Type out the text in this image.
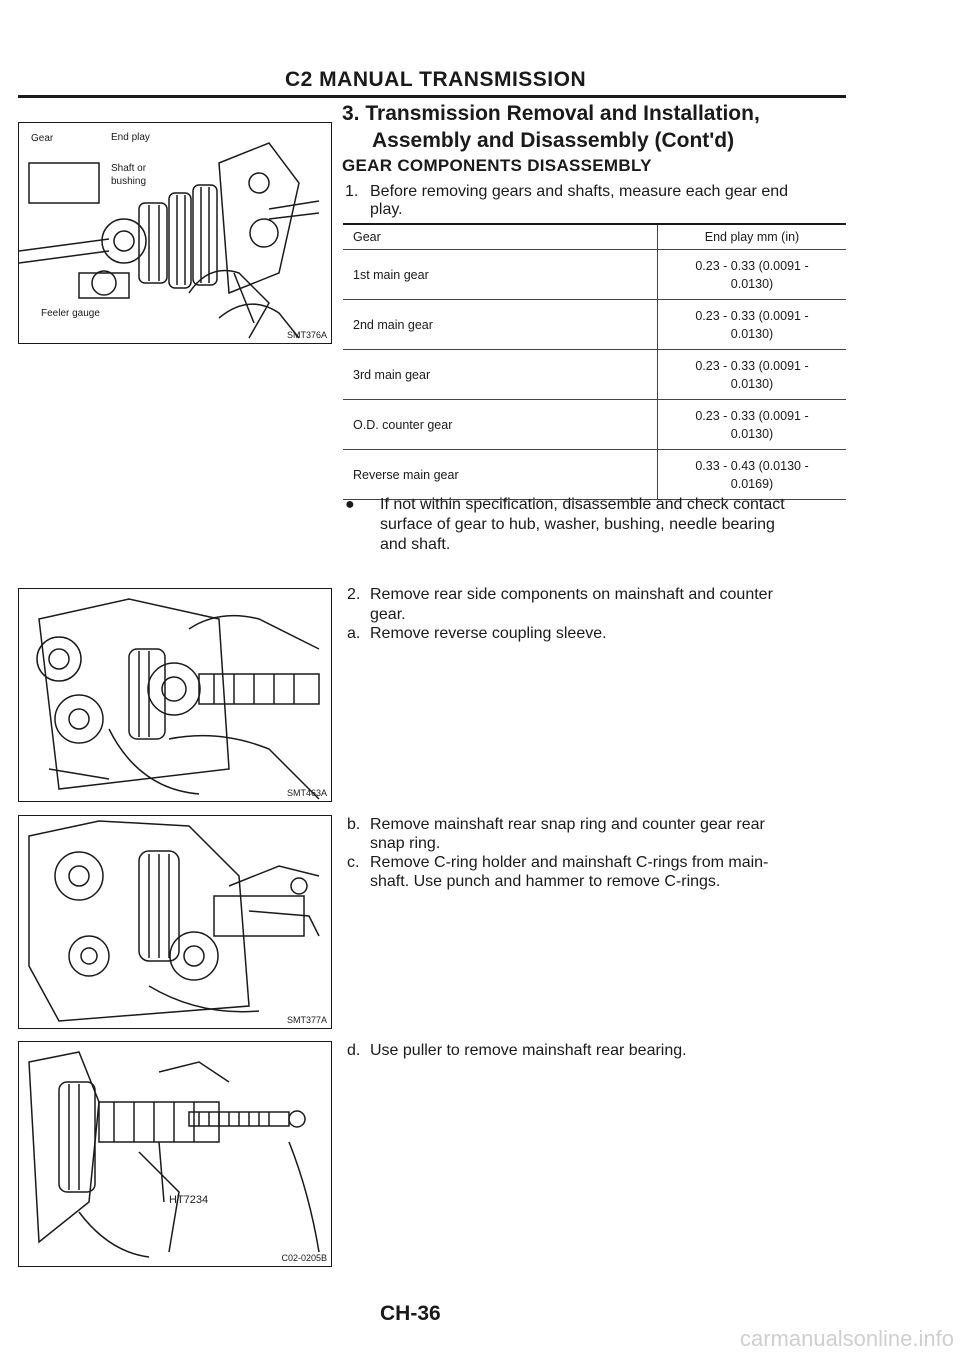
C2 MANUAL TRANSMISSION
3. Transmission Removal and Installation,
Assembly and Disassembly (Cont'd)
GEAR COMPONENTS DISASSEMBLY
1. Before removing gears and shafts, measure each gear end
play.
Gear	End play mm (in)
1st main gear	0.23 - 0.33 (0.0091 -
0.0130)

2nd main gear	0.23 - 0.33 (0.0091 -
0.0130)

3rd main gear	0.23 - 0.33 (0.0091 -
0.0130)

O.D. counter gear	0.23 - 0.33 (0.0091 -
0.0130)

Reverse main gear	0.33 - 0.43 (0.0130 -
0.0169)
● If not within specification, disassemble and check contact
surface of gear to hub, washer, bushing, needle bearing
and shaft.
2. Remove rear side components on mainshaft and counter
gear.
a. Remove reverse coupling sleeve.
b. Remove mainshaft rear snap ring and counter gear rear
snap ring.
c. Remove C-ring holder and mainshaft C-rings from main-
shaft. Use punch and hammer to remove C-rings.
d. Use puller to remove mainshaft rear bearing.
Gear	End play
Shaft or
bushing
Feeler gauge
SMT376A
SMT463A
SMT377A
HT7234
C02-0205B
CH-36
carmanualsonline.info
